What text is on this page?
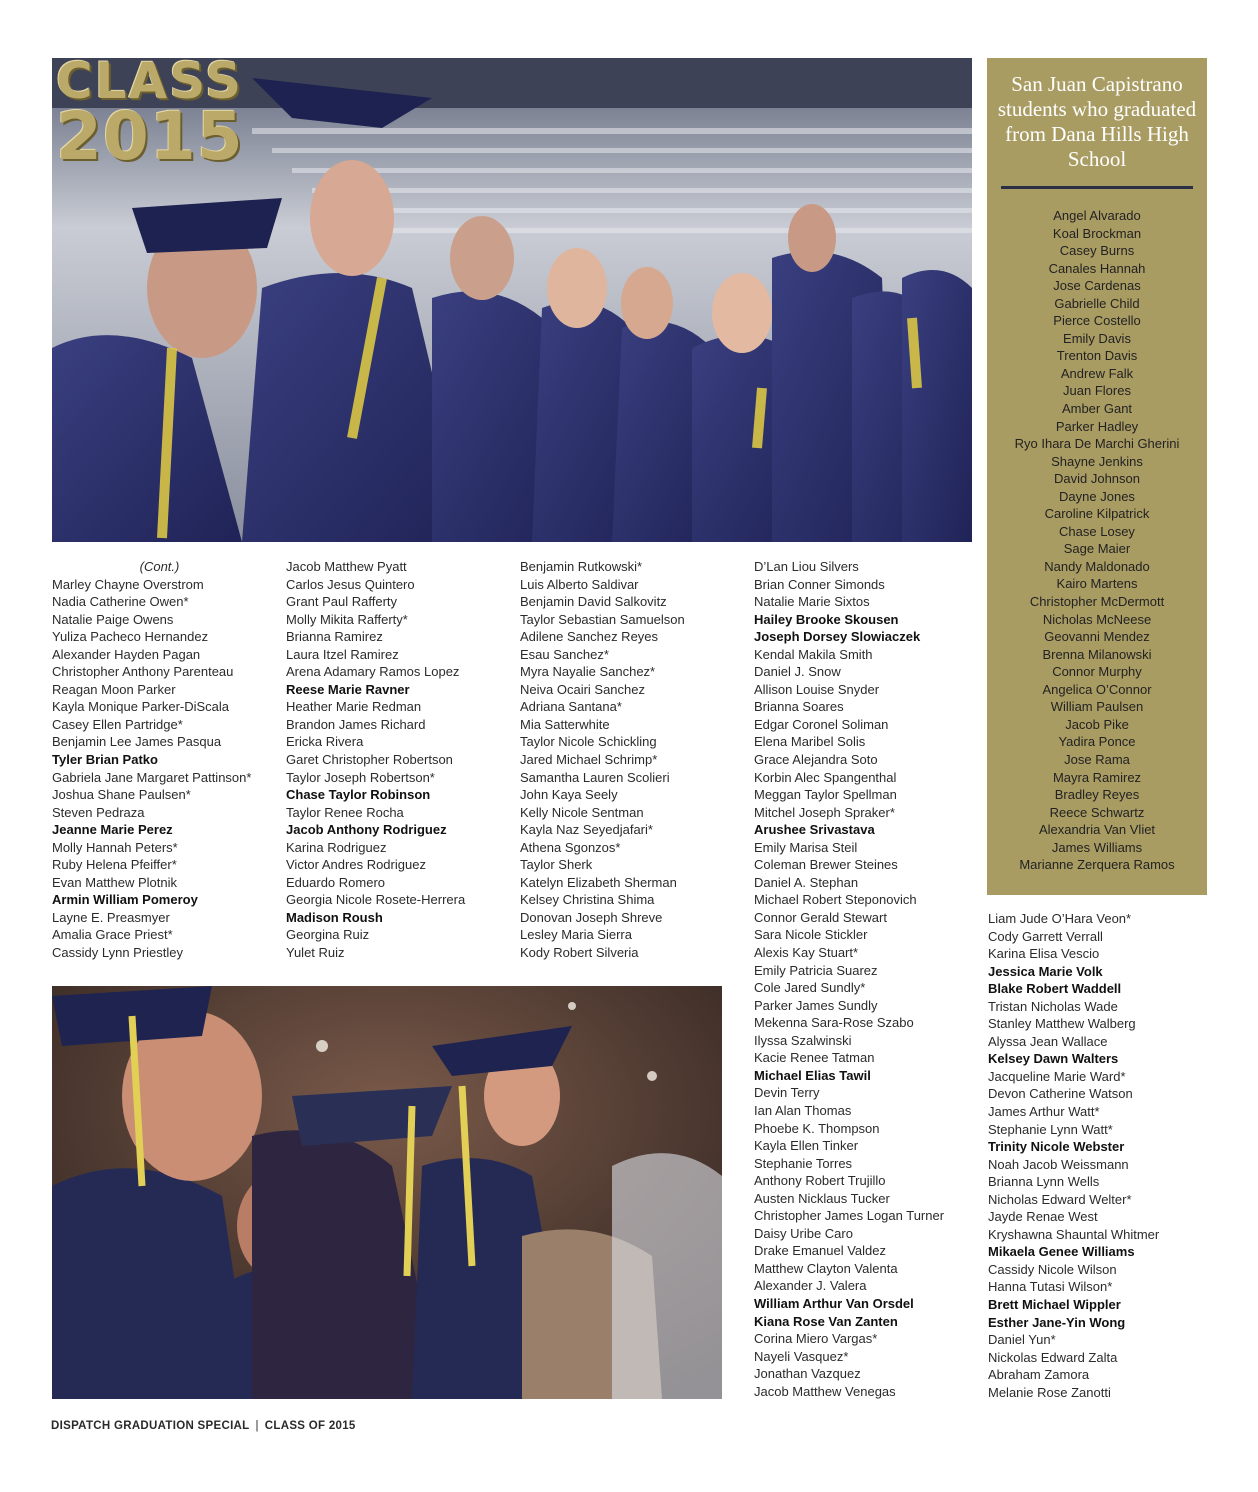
CLASS
2015
San Juan Capistrano students who graduated from Dana Hills High School
Angel Alvarado
Koal Brockman
Casey Burns
Canales Hannah
Jose Cardenas
Gabrielle Child
Pierce Costello
Emily Davis
Trenton Davis
Andrew Falk
Juan Flores
Amber Gant
Parker Hadley
Ryo Ihara De Marchi Gherini
Shayne Jenkins
David Johnson
Dayne Jones
Caroline Kilpatrick
Chase Losey
Sage Maier
Nandy Maldonado
Kairo Martens
Christopher McDermott
Nicholas McNeese
Geovanni Mendez
Brenna Milanowski
Connor Murphy
Angelica O’Connor
William Paulsen
Jacob Pike
Yadira Ponce
Jose Rama
Mayra Ramirez
Bradley Reyes
Reece Schwartz
Alexandria Van Vliet
James Williams
Marianne Zerquera Ramos
(Cont.)
Marley Chayne Overstrom
Nadia Catherine Owen*
Natalie Paige Owens
Yuliza Pacheco Hernandez
Alexander Hayden Pagan
Christopher Anthony Parenteau
Reagan Moon Parker
Kayla Monique Parker-DiScala
Casey Ellen Partridge*
Benjamin Lee James Pasqua
Tyler Brian Patko
Gabriela Jane Margaret Pattinson*
Joshua Shane Paulsen*
Steven Pedraza
Jeanne Marie Perez
Molly Hannah Peters*
Ruby Helena Pfeiffer*
Evan Matthew Plotnik
Armin William Pomeroy
Layne E. Preasmyer
Amalia Grace Priest*
Cassidy Lynn Priestley
Jacob Matthew Pyatt
Carlos Jesus Quintero
Grant Paul Rafferty
Molly Mikita Rafferty*
Brianna Ramirez
Laura Itzel Ramirez
Arena Adamary Ramos Lopez
Reese Marie Ravner
Heather Marie Redman
Brandon James Richard
Ericka Rivera
Garet Christopher Robertson
Taylor Joseph Robertson*
Chase Taylor Robinson
Taylor Renee Rocha
Jacob Anthony Rodriguez
Karina Rodriguez
Victor Andres Rodriguez
Eduardo Romero
Georgia Nicole Rosete-Herrera
Madison Roush
Georgina Ruiz
Yulet Ruiz
Benjamin Rutkowski*
Luis Alberto Saldivar
Benjamin David Salkovitz
Taylor Sebastian Samuelson
Adilene Sanchez Reyes
Esau Sanchez*
Myra Nayalie Sanchez*
Neiva Ocairi Sanchez
Adriana Santana*
Mia Satterwhite
Taylor Nicole Schickling
Jared Michael Schrimp*
Samantha Lauren Scolieri
John Kaya Seely
Kelly Nicole Sentman
Kayla Naz Seyedjafari*
Athena Sgonzos*
Taylor Sherk
Katelyn Elizabeth Sherman
Kelsey Christina Shima
Donovan Joseph Shreve
Lesley Maria Sierra
Kody Robert Silveria
D’Lan Liou Silvers
Brian Conner Simonds
Natalie Marie Sixtos
Hailey Brooke Skousen
Joseph Dorsey Slowiaczek
Kendal Makila Smith
Daniel J. Snow
Allison Louise Snyder
Brianna Soares
Edgar Coronel Soliman
Elena Maribel Solis
Grace Alejandra Soto
Korbin Alec Spangenthal
Meggan Taylor Spellman
Mitchel Joseph Spraker*
Arushee Srivastava
Emily Marisa Steil
Coleman Brewer Steines
Daniel A. Stephan
Michael Robert Steponovich
Connor Gerald Stewart
Sara Nicole Stickler
Alexis Kay Stuart*
Emily Patricia Suarez
Cole Jared Sundly*
Parker James Sundly
Mekenna Sara-Rose Szabo
Ilyssa Szalwinski
Kacie Renee Tatman
Michael Elias Tawil
Devin Terry
Ian Alan Thomas
Phoebe K. Thompson
Kayla Ellen Tinker
Stephanie Torres
Anthony Robert Trujillo
Austen Nicklaus Tucker
Christopher James Logan Turner
Daisy Uribe Caro
Drake Emanuel Valdez
Matthew Clayton Valenta
Alexander J. Valera
William Arthur Van Orsdel
Kiana Rose Van Zanten
Corina Miero Vargas*
Nayeli Vasquez*
Jonathan Vazquez
Jacob Matthew Venegas
Liam Jude O’Hara Veon*
Cody Garrett Verrall
Karina Elisa Vescio
Jessica Marie Volk
Blake Robert Waddell
Tristan Nicholas Wade
Stanley Matthew Walberg
Alyssa Jean Wallace
Kelsey Dawn Walters
Jacqueline Marie Ward*
Devon Catherine Watson
James Arthur Watt*
Stephanie Lynn Watt*
Trinity Nicole Webster
Noah Jacob Weissmann
Brianna Lynn Wells
Nicholas Edward Welter*
Jayde Renae West
Kryshawna Shauntal Whitmer
Mikaela Genee Williams
Cassidy Nicole Wilson
Hanna Tutasi Wilson*
Brett Michael Wippler
Esther Jane-Yin Wong
Daniel Yun*
Nickolas Edward Zalta
Abraham Zamora
Melanie Rose Zanotti
DISPATCH GRADUATION SPECIAL | CLASS OF 2015
